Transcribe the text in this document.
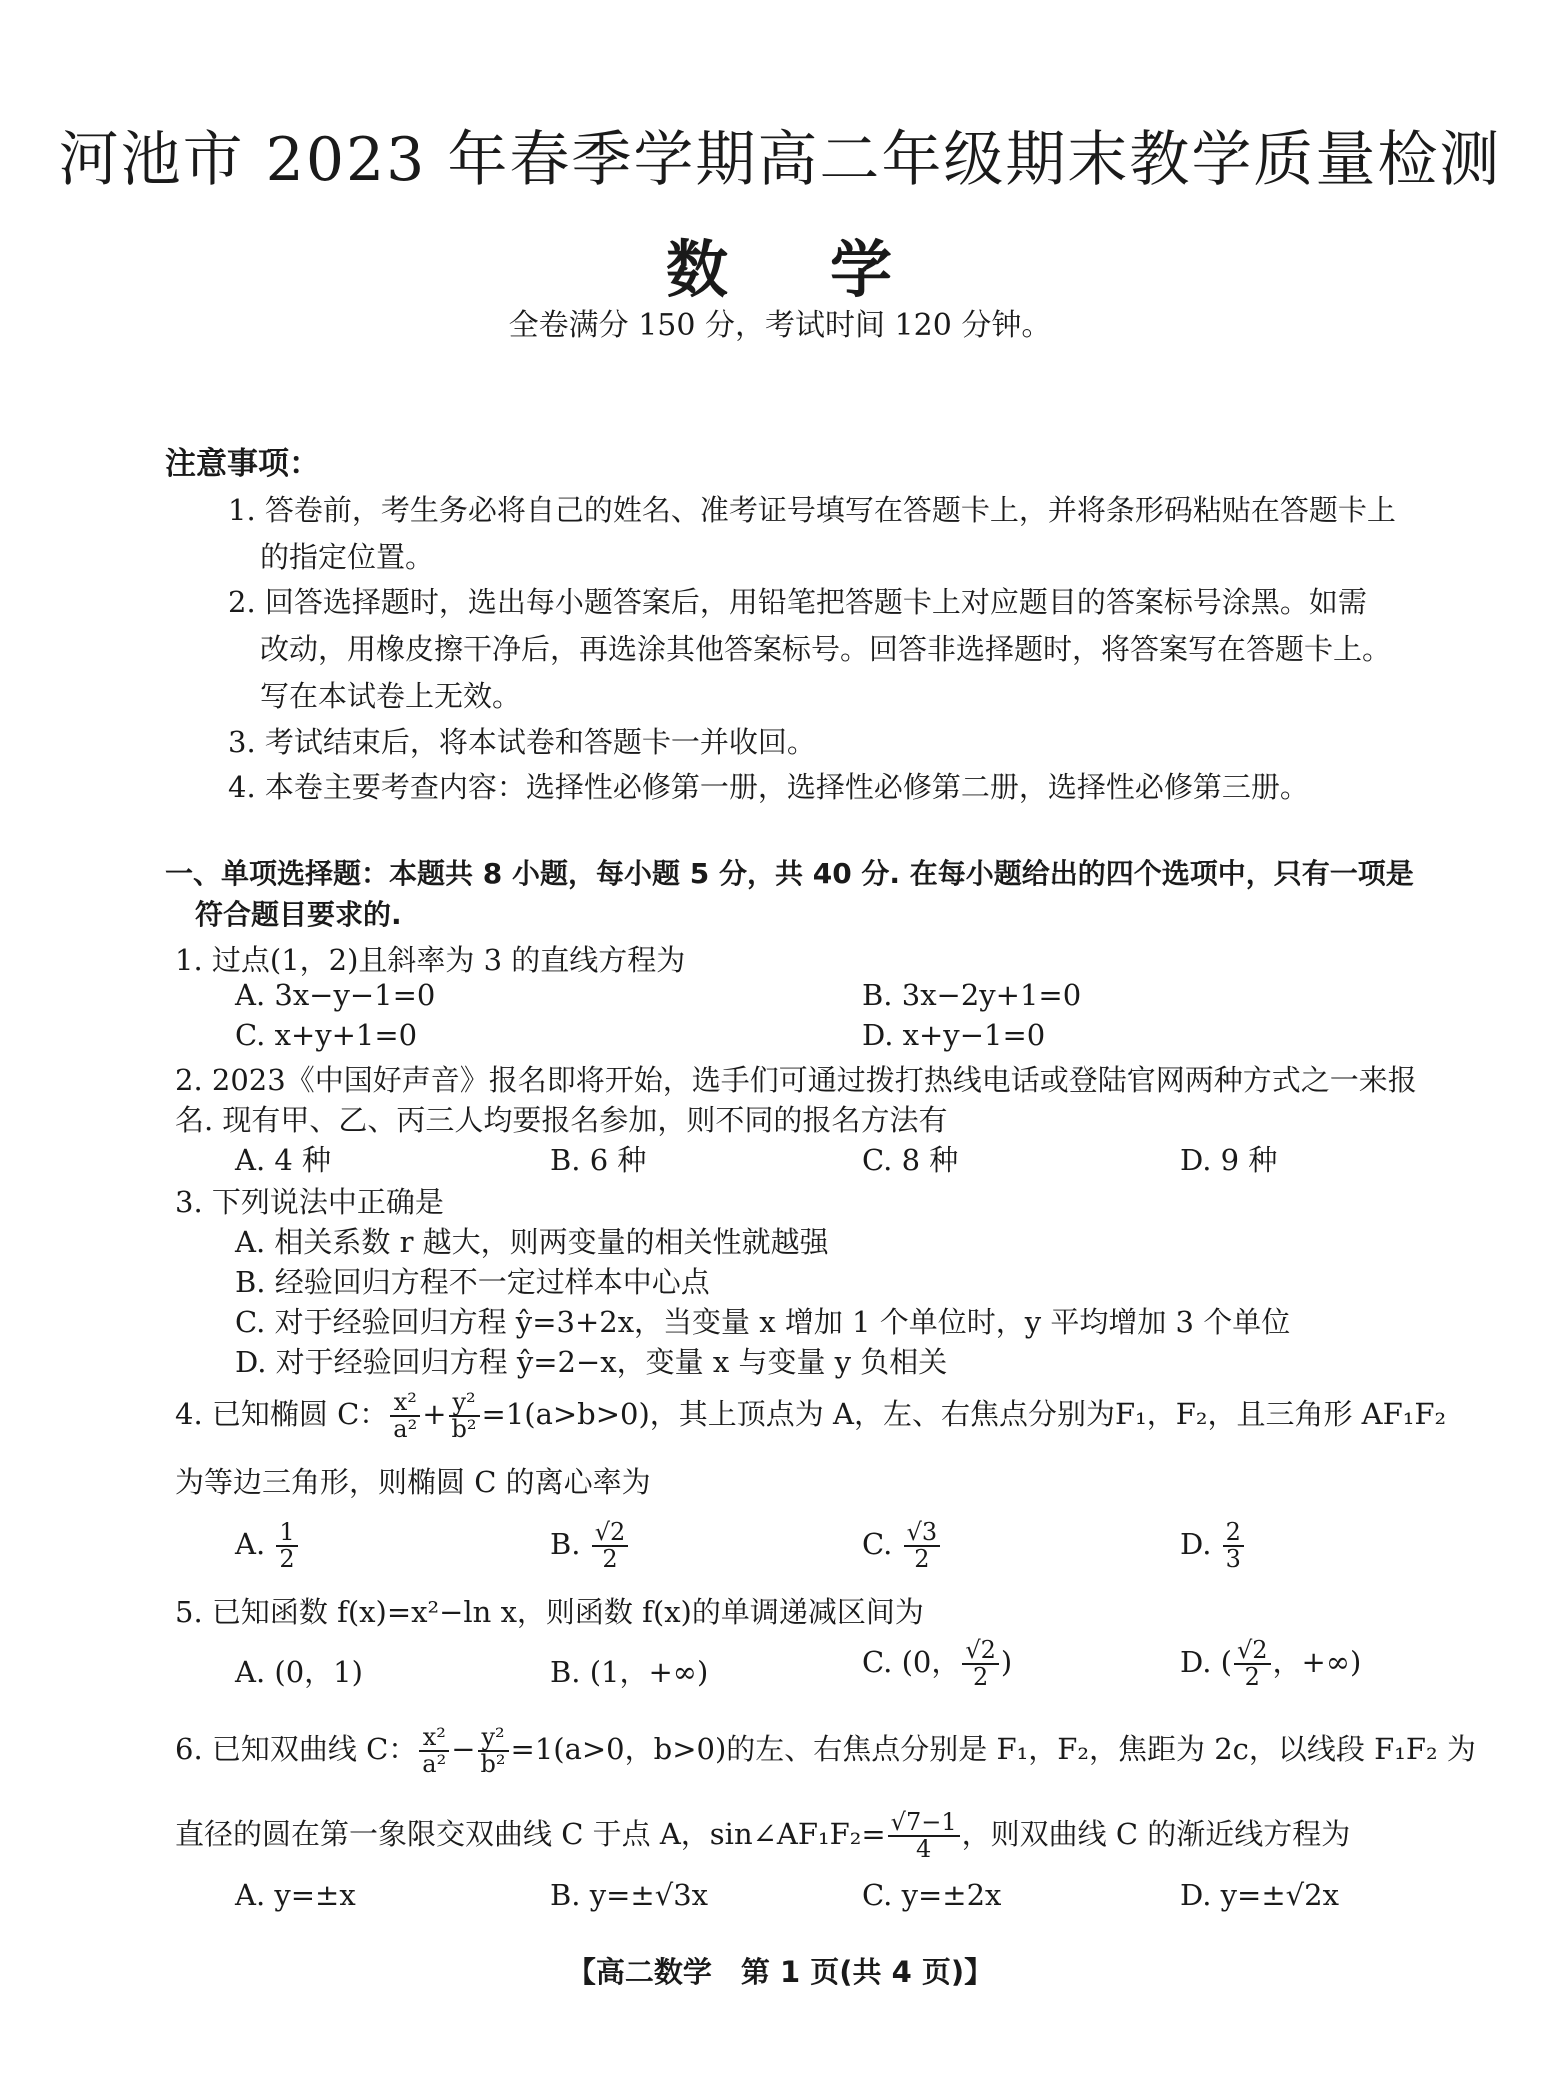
河池市 2023 年春季学期高二年级期末教学质量检测
数 学
全卷满分 150 分，考试时间 120 分钟。
注意事项：
1. 答卷前，考生务必将自己的姓名、准考证号填写在答题卡上，并将条形码粘贴在答题卡上
的指定位置。
2. 回答选择题时，选出每小题答案后，用铅笔把答题卡上对应题目的答案标号涂黑。如需
改动，用橡皮擦干净后，再选涂其他答案标号。回答非选择题时，将答案写在答题卡上。
写在本试卷上无效。
3. 考试结束后，将本试卷和答题卡一并收回。
4. 本卷主要考查内容：选择性必修第一册，选择性必修第二册，选择性必修第三册。
一、单项选择题：本题共 8 小题，每小题 5 分，共 40 分. 在每小题给出的四个选项中，只有一项是
符合题目要求的.
1. 过点(1，2)且斜率为 3 的直线方程为
A. 3x−y−1=0	B. 3x−2y+1=0
C. x+y+1=0	D. x+y−1=0
2. 2023《中国好声音》报名即将开始，选手们可通过拨打热线电话或登陆官网两种方式之一来报
名. 现有甲、乙、丙三人均要报名参加，则不同的报名方法有
A. 4 种	B. 6 种	C. 8 种	D. 9 种
3. 下列说法中正确是
A. 相关系数 r 越大，则两变量的相关性就越强
B. 经验回归方程不一定过样本中心点
C. 对于经验回归方程 ŷ=3+2x，当变量 x 增加 1 个单位时，y 平均增加 3 个单位
D. 对于经验回归方程 ŷ=2−x，变量 x 与变量 y 负相关
4. 已知椭圆 C： $\frac{\text{x²}}{\text{a²}} + \frac{\text{y²}}{\text{b²}} =1(a>b>0)$，其上顶点为 A，左、右焦点分别为F₁，F₂，且三角形 AF₁F₂
为等边三角形，则椭圆 C 的离心率为
A. $\frac{1}{2}$	B. $\frac{√2}{2}$	C. $\frac{√3}{2}$	D. $\frac{2}{3}$
5. 已知函数 f(x)=x²−ln x，则函数 f(x)的单调递减区间为
A. (0，1)	B. (1，+∞)	C. (0， $\frac{√2}{2}$ )	D. ( $\frac{√2}{2}$ ，+∞)
6. 已知双曲线 C： $\frac{\text{x²}}{\text{a²}} - \frac{\text{y²}}{\text{b²}} =1(a>0$，b>0)的左、右焦点分别是 F₁，F₂，焦距为 2c，以线段 F₁F₂ 为
直径的圆在第一象限交双曲线 C 于点 A，sin∠AF₁F₂= $\frac{√7-1}{4}$ ，则双曲线 C 的渐近线方程为
A. y=±x	B. y=±√3x	C. y=±2x	D. y=±√2x
【高二数学　第 1 页(共 4 页)】
